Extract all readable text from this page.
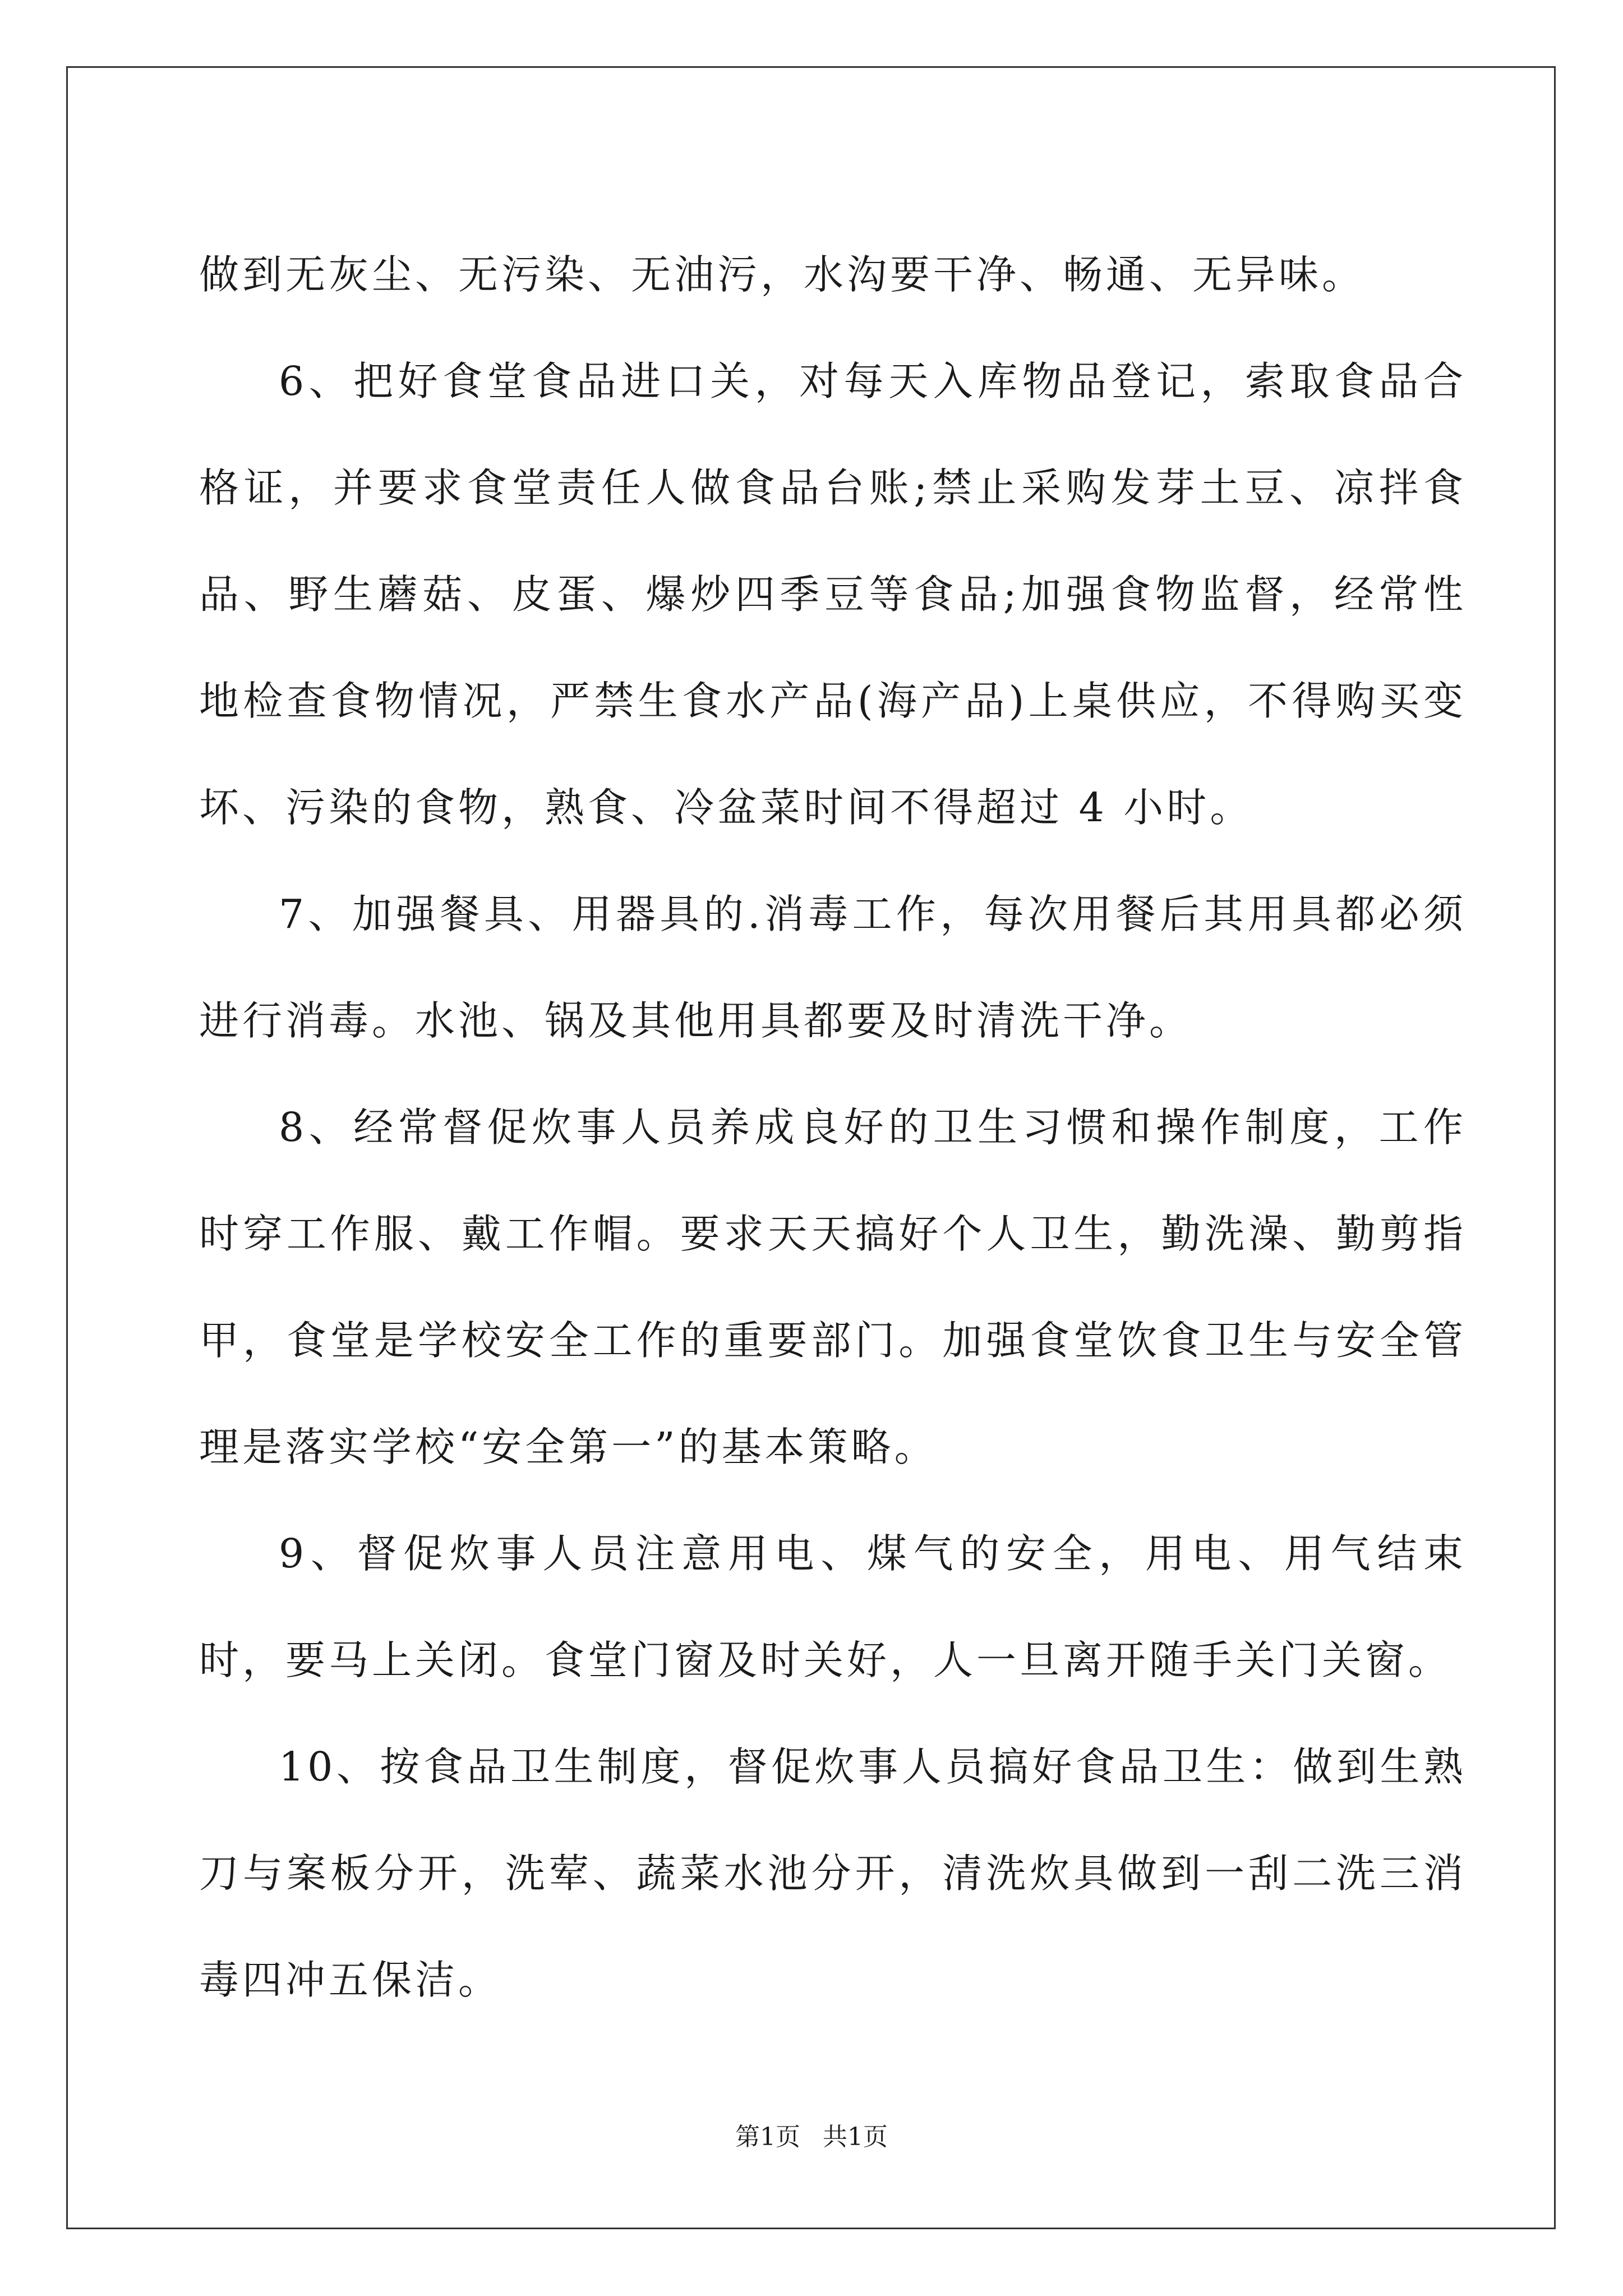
做到无灰尘、无污染、无油污，水沟要干净、畅通、无异味。

6、把好食堂食品进口关，对每天入库物品登记，索取食品合格证，并要求食堂责任人做食品台账;禁止采购发芽土豆、凉拌食品、野生蘑菇、皮蛋、爆炒四季豆等食品;加强食物监督，经常性地检查食物情况，严禁生食水产品(海产品)上桌供应，不得购买变坏、污染的食物，熟食、冷盆菜时间不得超过 4 小时。

7、加强餐具、用器具的.消毒工作，每次用餐后其用具都必须进行消毒。水池、锅及其他用具都要及时清洗干净。

8、经常督促炊事人员养成良好的卫生习惯和操作制度，工作时穿工作服、戴工作帽。要求天天搞好个人卫生，勤洗澡、勤剪指甲，食堂是学校安全工作的重要部门。加强食堂饮食卫生与安全管理是落实学校“安全第一”的基本策略。

9、督促炊事人员注意用电、煤气的安全，用电、用气结束时，要马上关闭。食堂门窗及时关好，人一旦离开随手关门关窗。

10、按食品卫生制度，督促炊事人员搞好食品卫生：做到生熟刀与案板分开，洗荤、蔬菜水池分开，清洗炊具做到一刮二洗三消毒四冲五保洁。

第1页 共1页
